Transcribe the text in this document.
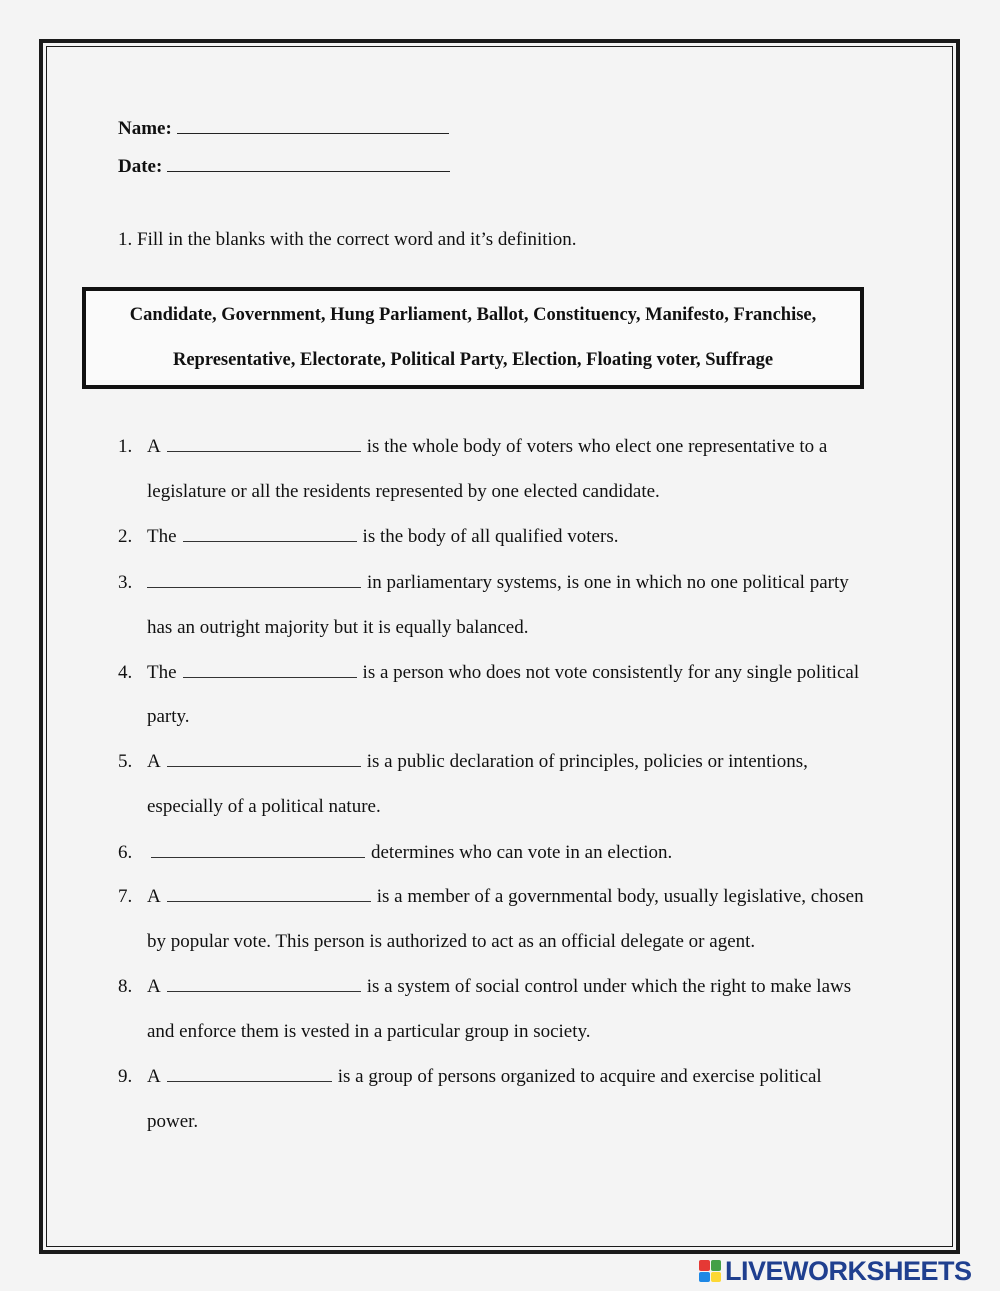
Name:
Date:
1. Fill in the blanks with the correct word and it’s definition.
Candidate, Government, Hung Parliament, Ballot, Constituency, Manifesto, Franchise,
Representative, Electorate, Political Party, Election, Floating voter, Suffrage
1. A	is the whole body of voters who elect one representative to a
legislature or all the residents represented by one elected candidate.
2. The	is the body of all qualified voters.
3.	in parliamentary systems, is one in which no one political party
has an outright majority but it is equally balanced.
4. The	is a person who does not vote consistently for any single political
party.
5. A	is a public declaration of principles, policies or intentions,
especially of a political nature.
6.	determines who can vote in an election.
7. A	is a member of a governmental body, usually legislative, chosen
by popular vote. This person is authorized to act as an official delegate or agent.
8. A	is a system of social control under which the right to make laws
and enforce them is vested in a particular group in society.
9. A	is a group of persons organized to acquire and exercise political
power.
LIVEWORKSHEETS
